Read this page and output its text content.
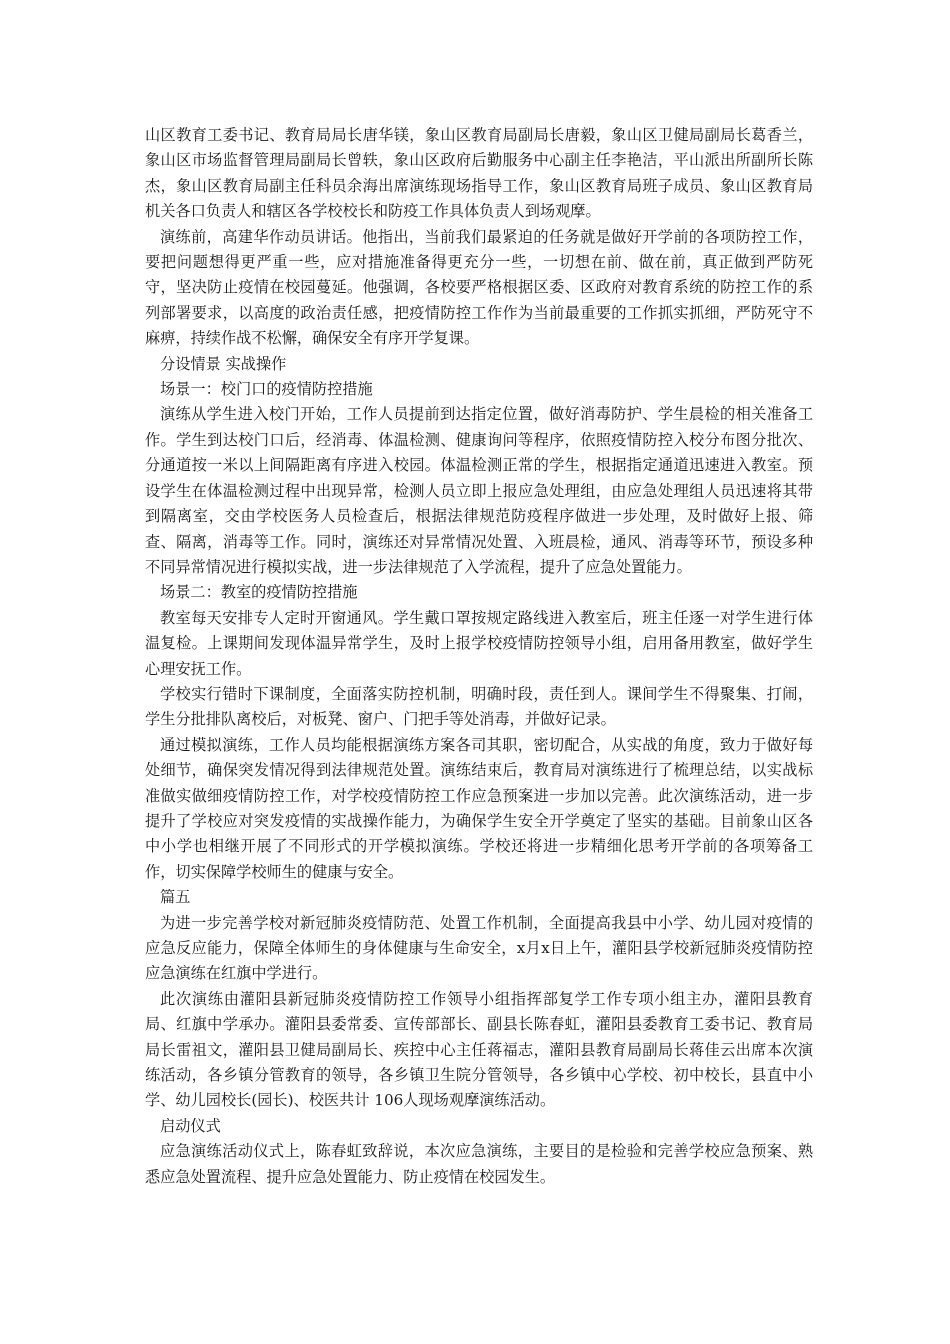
山区教育工委书记、教育局局长唐华镁，象山区教育局副局长唐毅，象山区卫健局副局长葛香兰，象山区市场监督管理局副局长曾轶，象山区政府后勤服务中心副主任李艳洁，平山派出所副所长陈杰，象山区教育局副主任科员余海出席演练现场指导工作，象山区教育局班子成员、象山区教育局机关各口负责人和辖区各学校校长和防疫工作具体负责人到场观摩。

演练前，高建华作动员讲话。他指出，当前我们最紧迫的任务就是做好开学前的各项防控工作，要把问题想得更严重一些，应对措施准备得更充分一些，一切想在前、做在前，真正做到严防死守，坚决防止疫情在校园蔓延。他强调，各校要严格根据区委、区政府对教育系统的防控工作的系列部署要求，以高度的政治责任感，把疫情防控工作作为当前最重要的工作抓实抓细，严防死守不麻痹，持续作战不松懈，确保安全有序开学复课。

分设情景 实战操作

场景一：校门口的疫情防控措施

演练从学生进入校门开始，工作人员提前到达指定位置，做好消毒防护、学生晨检的相关准备工作。学生到达校门口后，经消毒、体温检测、健康询问等程序，依照疫情防控入校分布图分批次、分通道按一米以上间隔距离有序进入校园。体温检测正常的学生，根据指定通道迅速进入教室。预设学生在体温检测过程中出现异常，检测人员立即上报应急处理组，由应急处理组人员迅速将其带到隔离室，交由学校医务人员检查后，根据法律规范防疫程序做进一步处理，及时做好上报、筛查、隔离，消毒等工作。同时，演练还对异常情况处置、入班晨检，通风、消毒等环节，预设多种不同异常情况进行模拟实战，进一步法律规范了入学流程，提升了应急处置能力。

场景二：教室的疫情防控措施

教室每天安排专人定时开窗通风。学生戴口罩按规定路线进入教室后，班主任逐一对学生进行体温复检。上课期间发现体温异常学生，及时上报学校疫情防控领导小组，启用备用教室，做好学生心理安抚工作。

学校实行错时下课制度，全面落实防控机制，明确时段，责任到人。课间学生不得聚集、打闹，学生分批排队离校后，对板凳、窗户、门把手等处消毒，并做好记录。

通过模拟演练，工作人员均能根据演练方案各司其职，密切配合，从实战的角度，致力于做好每处细节，确保突发情况得到法律规范处置。演练结束后，教育局对演练进行了梳理总结，以实战标准做实做细疫情防控工作，对学校疫情防控工作应急预案进一步加以完善。此次演练活动，进一步提升了学校应对突发疫情的实战操作能力，为确保学生安全开学奠定了坚实的基础。目前象山区各中小学也相继开展了不同形式的开学模拟演练。学校还将进一步精细化思考开学前的各项筹备工作，切实保障学校师生的健康与安全。

篇五

为进一步完善学校对新冠肺炎疫情防范、处置工作机制，全面提高我县中小学、幼儿园对疫情的应急反应能力，保障全体师生的身体健康与生命安全，x月x日上午，灌阳县学校新冠肺炎疫情防控应急演练在红旗中学进行。

此次演练由灌阳县新冠肺炎疫情防控工作领导小组指挥部复学工作专项小组主办，灌阳县教育局、红旗中学承办。灌阳县委常委、宣传部部长、副县长陈春虹，灌阳县委教育工委书记、教育局局长雷祖文，灌阳县卫健局副局长、疾控中心主任蒋福志，灌阳县教育局副局长蒋佳云出席本次演练活动，各乡镇分管教育的领导，各乡镇卫生院分管领导，各乡镇中心学校、初中校长，县直中小学、幼儿园校长(园长)、校医共计 106人现场观摩演练活动。

启动仪式

应急演练活动仪式上，陈春虹致辞说，本次应急演练，主要目的是检验和完善学校应急预案、熟悉应急处置流程、提升应急处置能力、防止疫情在校园发生。
